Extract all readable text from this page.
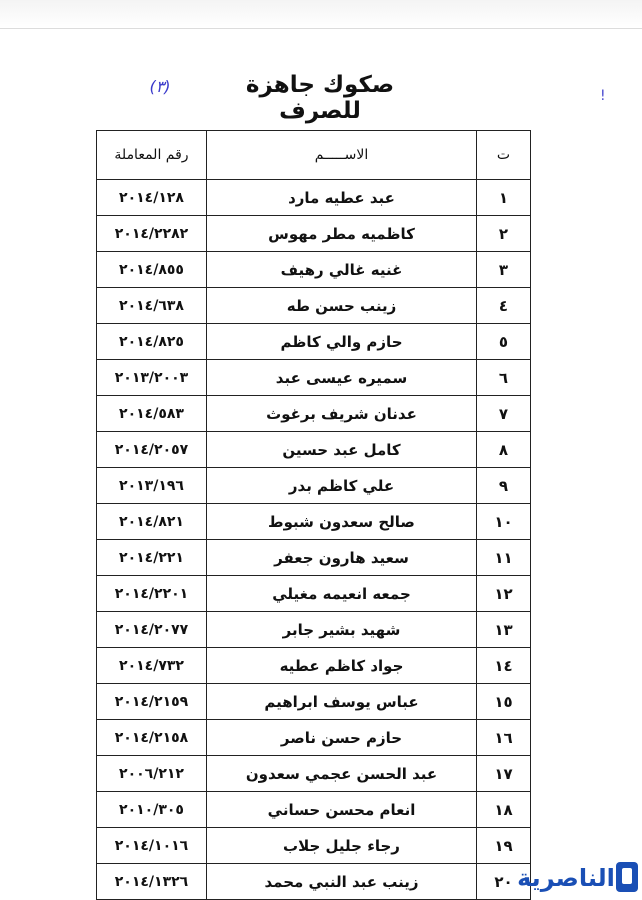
صكوك جاهزة للصرف
(٣)	!
ت	الاســـــم	رقم المعاملة
١	عبد عطيه مارد	٢٠١٤/١٢٨
٢	كاظميه مطر مهوس	٢٠١٤/٢٢٨٢
٣	غنيه غالي رهيف	٢٠١٤/٨٥٥
٤	زينب حسن طه	٢٠١٤/٦٣٨
٥	حازم والي كاظم	٢٠١٤/٨٢٥
٦	سميره عيسى عبد	٢٠١٣/٢٠٠٣
٧	عدنان شريف برغوث	٢٠١٤/٥٨٣
٨	كامل عبد حسين	٢٠١٤/٢٠٥٧
٩	علي كاظم بدر	٢٠١٣/١٩٦
١٠	صالح سعدون شبوط	٢٠١٤/٨٢١
١١	سعيد هارون جعفر	٢٠١٤/٢٢١
١٢	جمعه انعيمه مغيلي	٢٠١٤/٢٢٠١
١٣	شهيد بشير جابر	٢٠١٤/٢٠٧٧
١٤	جواد كاظم عطيه	٢٠١٤/٧٣٢
١٥	عباس يوسف ابراهيم	٢٠١٤/٢١٥٩
١٦	حازم حسن ناصر	٢٠١٤/٢١٥٨
١٧	عبد الحسن عجمي سعدون	٢٠٠٦/٢١٢
١٨	انعام محسن حساني	٢٠١٠/٣٠٥
١٩	رجاء جليل جلاب	٢٠١٤/١٠١٦
٢٠	زينب عبد النبي محمد	٢٠١٤/١٣٢٦	الناصرية
